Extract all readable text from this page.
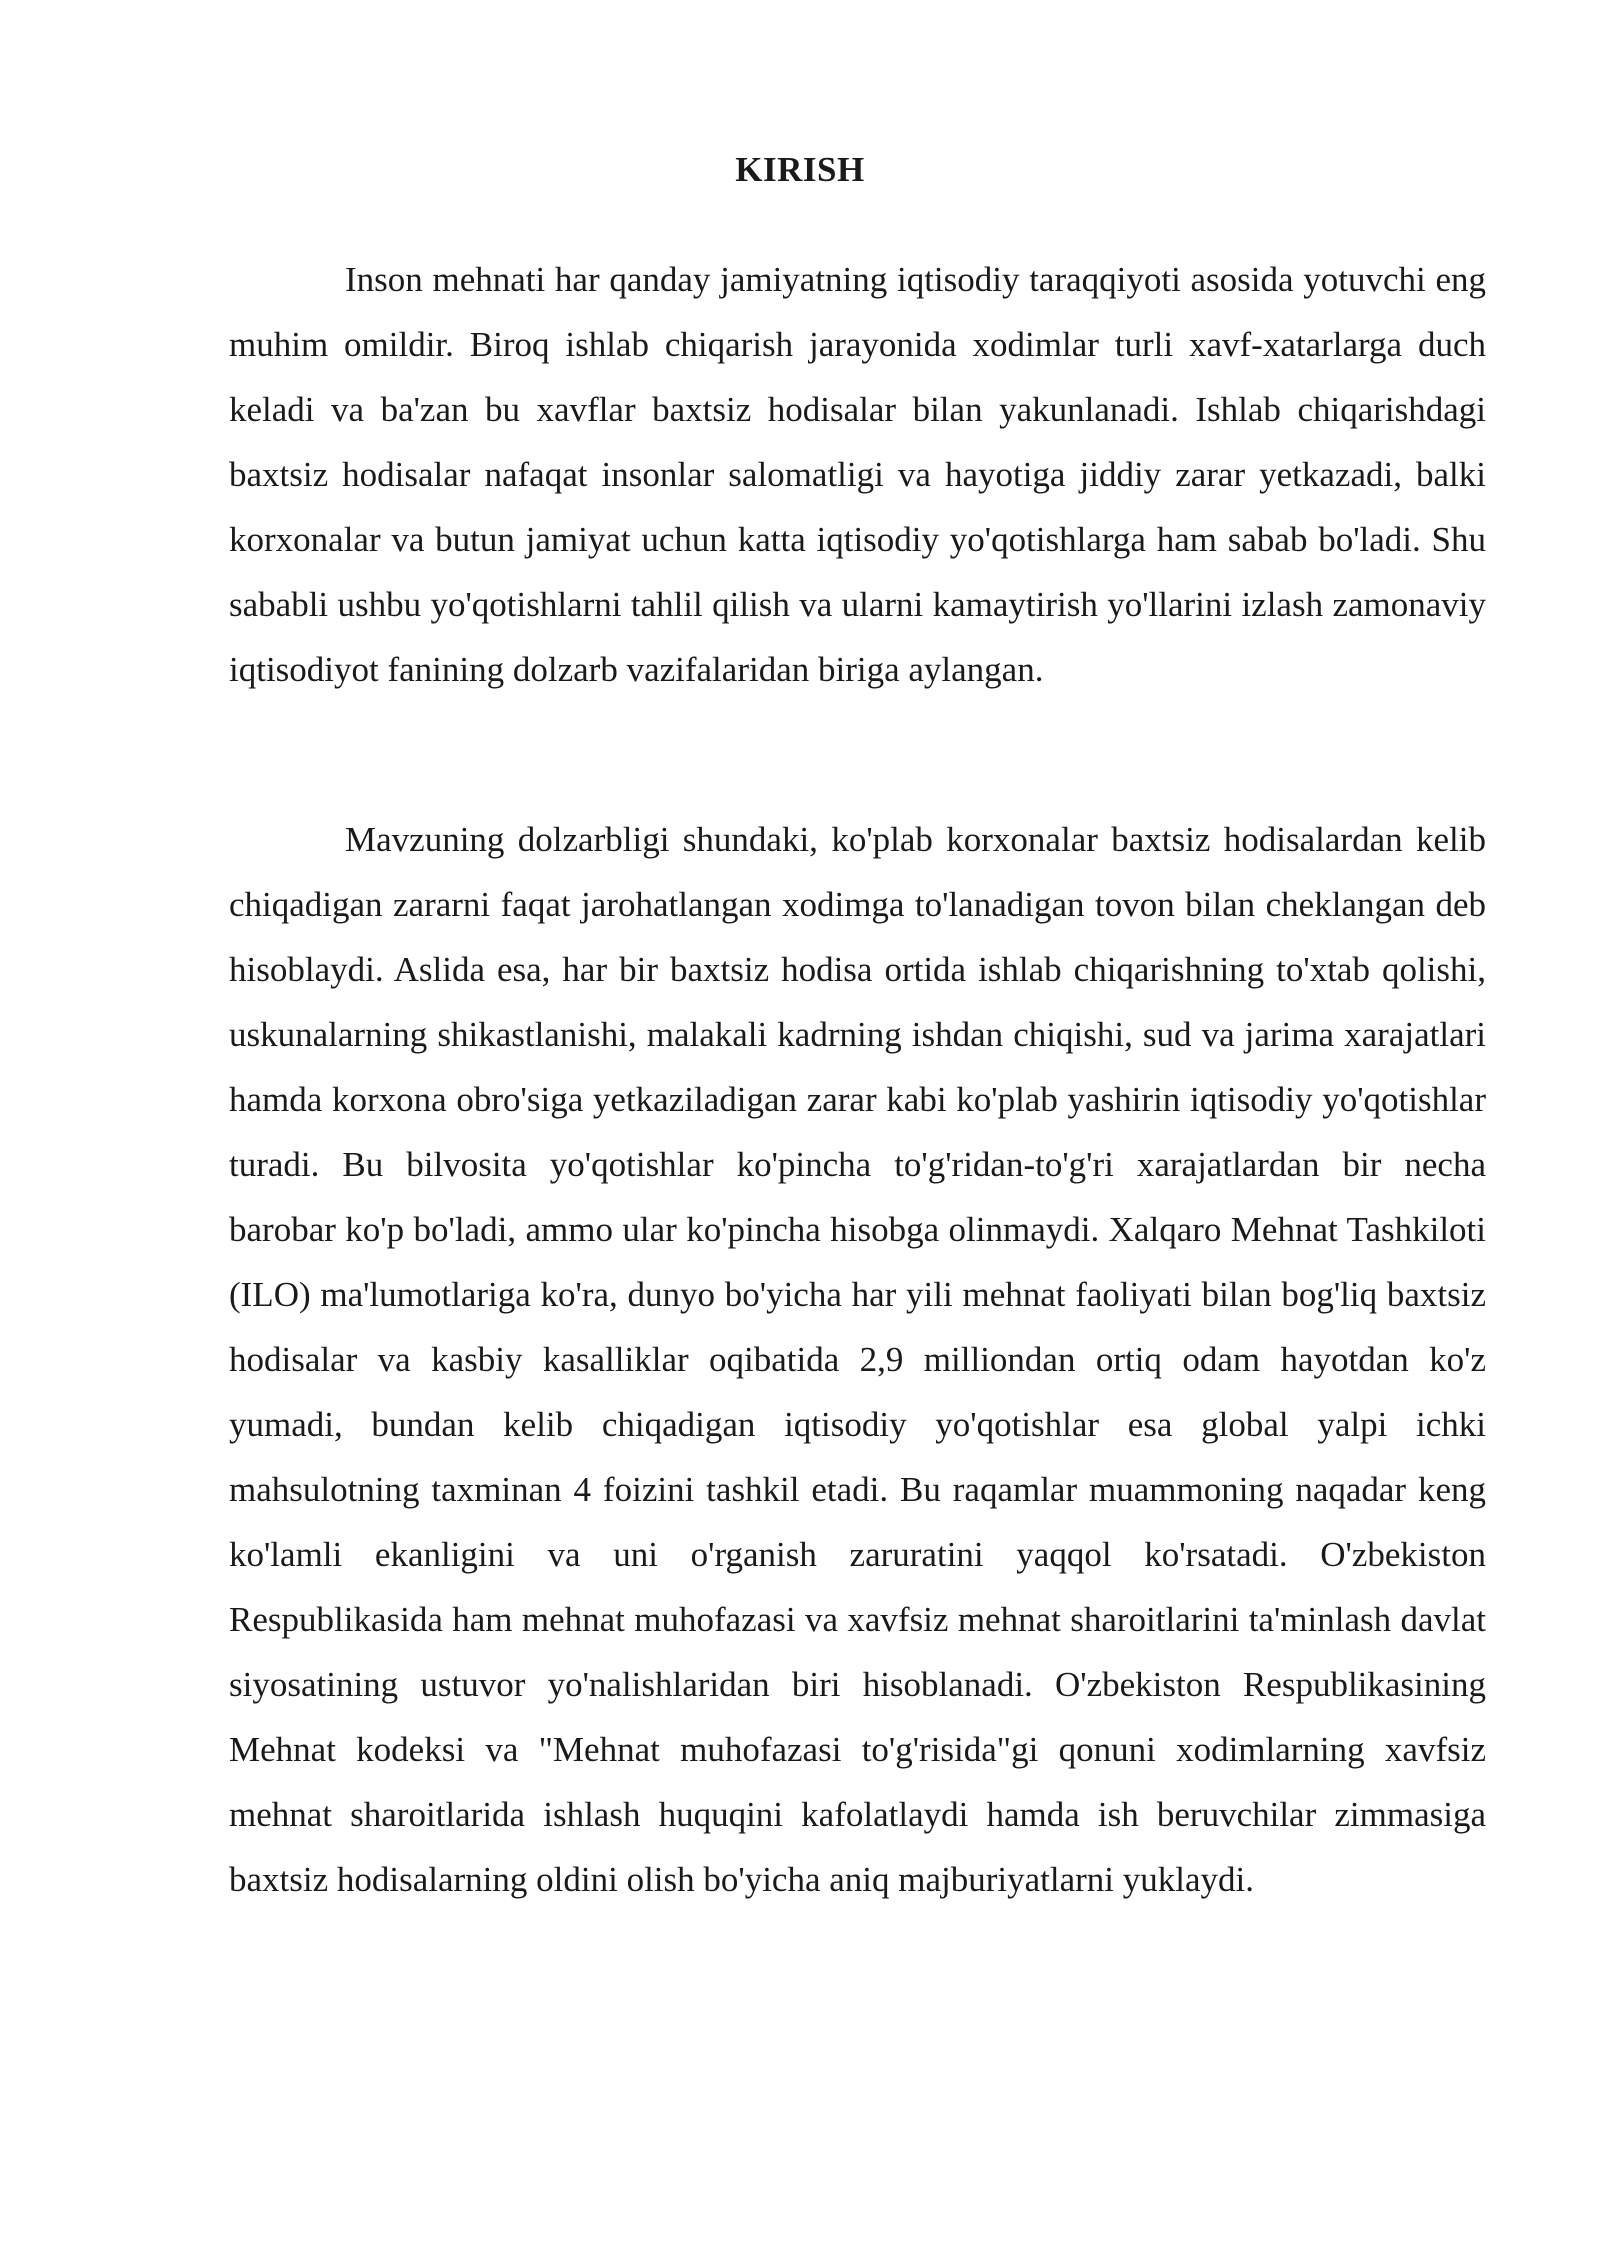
KIRISH

Inson mehnati har qanday jamiyatning iqtisodiy taraqqiyoti asosida yotuvchi eng muhim omildir. Biroq ishlab chiqarish jarayonida xodimlar turli xavf-xatarlarga duch keladi va ba'zan bu xavflar baxtsiz hodisalar bilan yakunlanadi. Ishlab chiqarishdagi baxtsiz hodisalar nafaqat insonlar salomatligi va hayotiga jiddiy zarar yetkazadi, balki korxonalar va butun jamiyat uchun katta iqtisodiy yo'qotishlarga ham sabab bo'ladi. Shu sababli ushbu yo'qotishlarni tahlil qilish va ularni kamaytirish yo'llarini izlash zamonaviy iqtisodiyot fanining dolzarb vazifalaridan biriga aylangan.

Mavzuning dolzarbligi shundaki, ko'plab korxonalar baxtsiz hodisalardan kelib chiqadigan zararni faqat jarohatlangan xodimga to'lanadigan tovon bilan cheklangan deb hisoblaydi. Aslida esa, har bir baxtsiz hodisa ortida ishlab chiqarishning to'xtab qolishi, uskunalarning shikastlanishi, malakali kadrning ishdan chiqishi, sud va jarima xarajatlari hamda korxona obro'siga yetkaziladigan zarar kabi ko'plab yashirin iqtisodiy yo'qotishlar turadi. Bu bilvosita yo'qotishlar ko'pincha to'g'ridan-to'g'ri xarajatlardan bir necha barobar ko'p bo'ladi, ammo ular ko'pincha hisobga olinmaydi. Xalqaro Mehnat Tashkiloti (ILO) ma'lumotlariga ko'ra, dunyo bo'yicha har yili mehnat faoliyati bilan bog'liq baxtsiz hodisalar va kasbiy kasalliklar oqibatida 2,9 milliondan ortiq odam hayotdan ko'z yumadi, bundan kelib chiqadigan iqtisodiy yo'qotishlar esa global yalpi ichki mahsulotning taxminan 4 foizini tashkil etadi. Bu raqamlar muammoning naqadar keng ko'lamli ekanligini va uni o'rganish zaruratini yaqqol ko'rsatadi. O'zbekiston Respublikasida ham mehnat muhofazasi va xavfsiz mehnat sharoitlarini ta'minlash davlat siyosatining ustuvor yo'nalishlaridan biri hisoblanadi. O'zbekiston Respublikasining Mehnat kodeksi va "Mehnat muhofazasi to'g'risida"gi qonuni xodimlarning xavfsiz mehnat sharoitlarida ishlash huquqini kafolatlaydi hamda ish beruvchilar zimmasiga baxtsiz hodisalarning oldini olish bo'yicha aniq majburiyatlarni yuklaydi.
